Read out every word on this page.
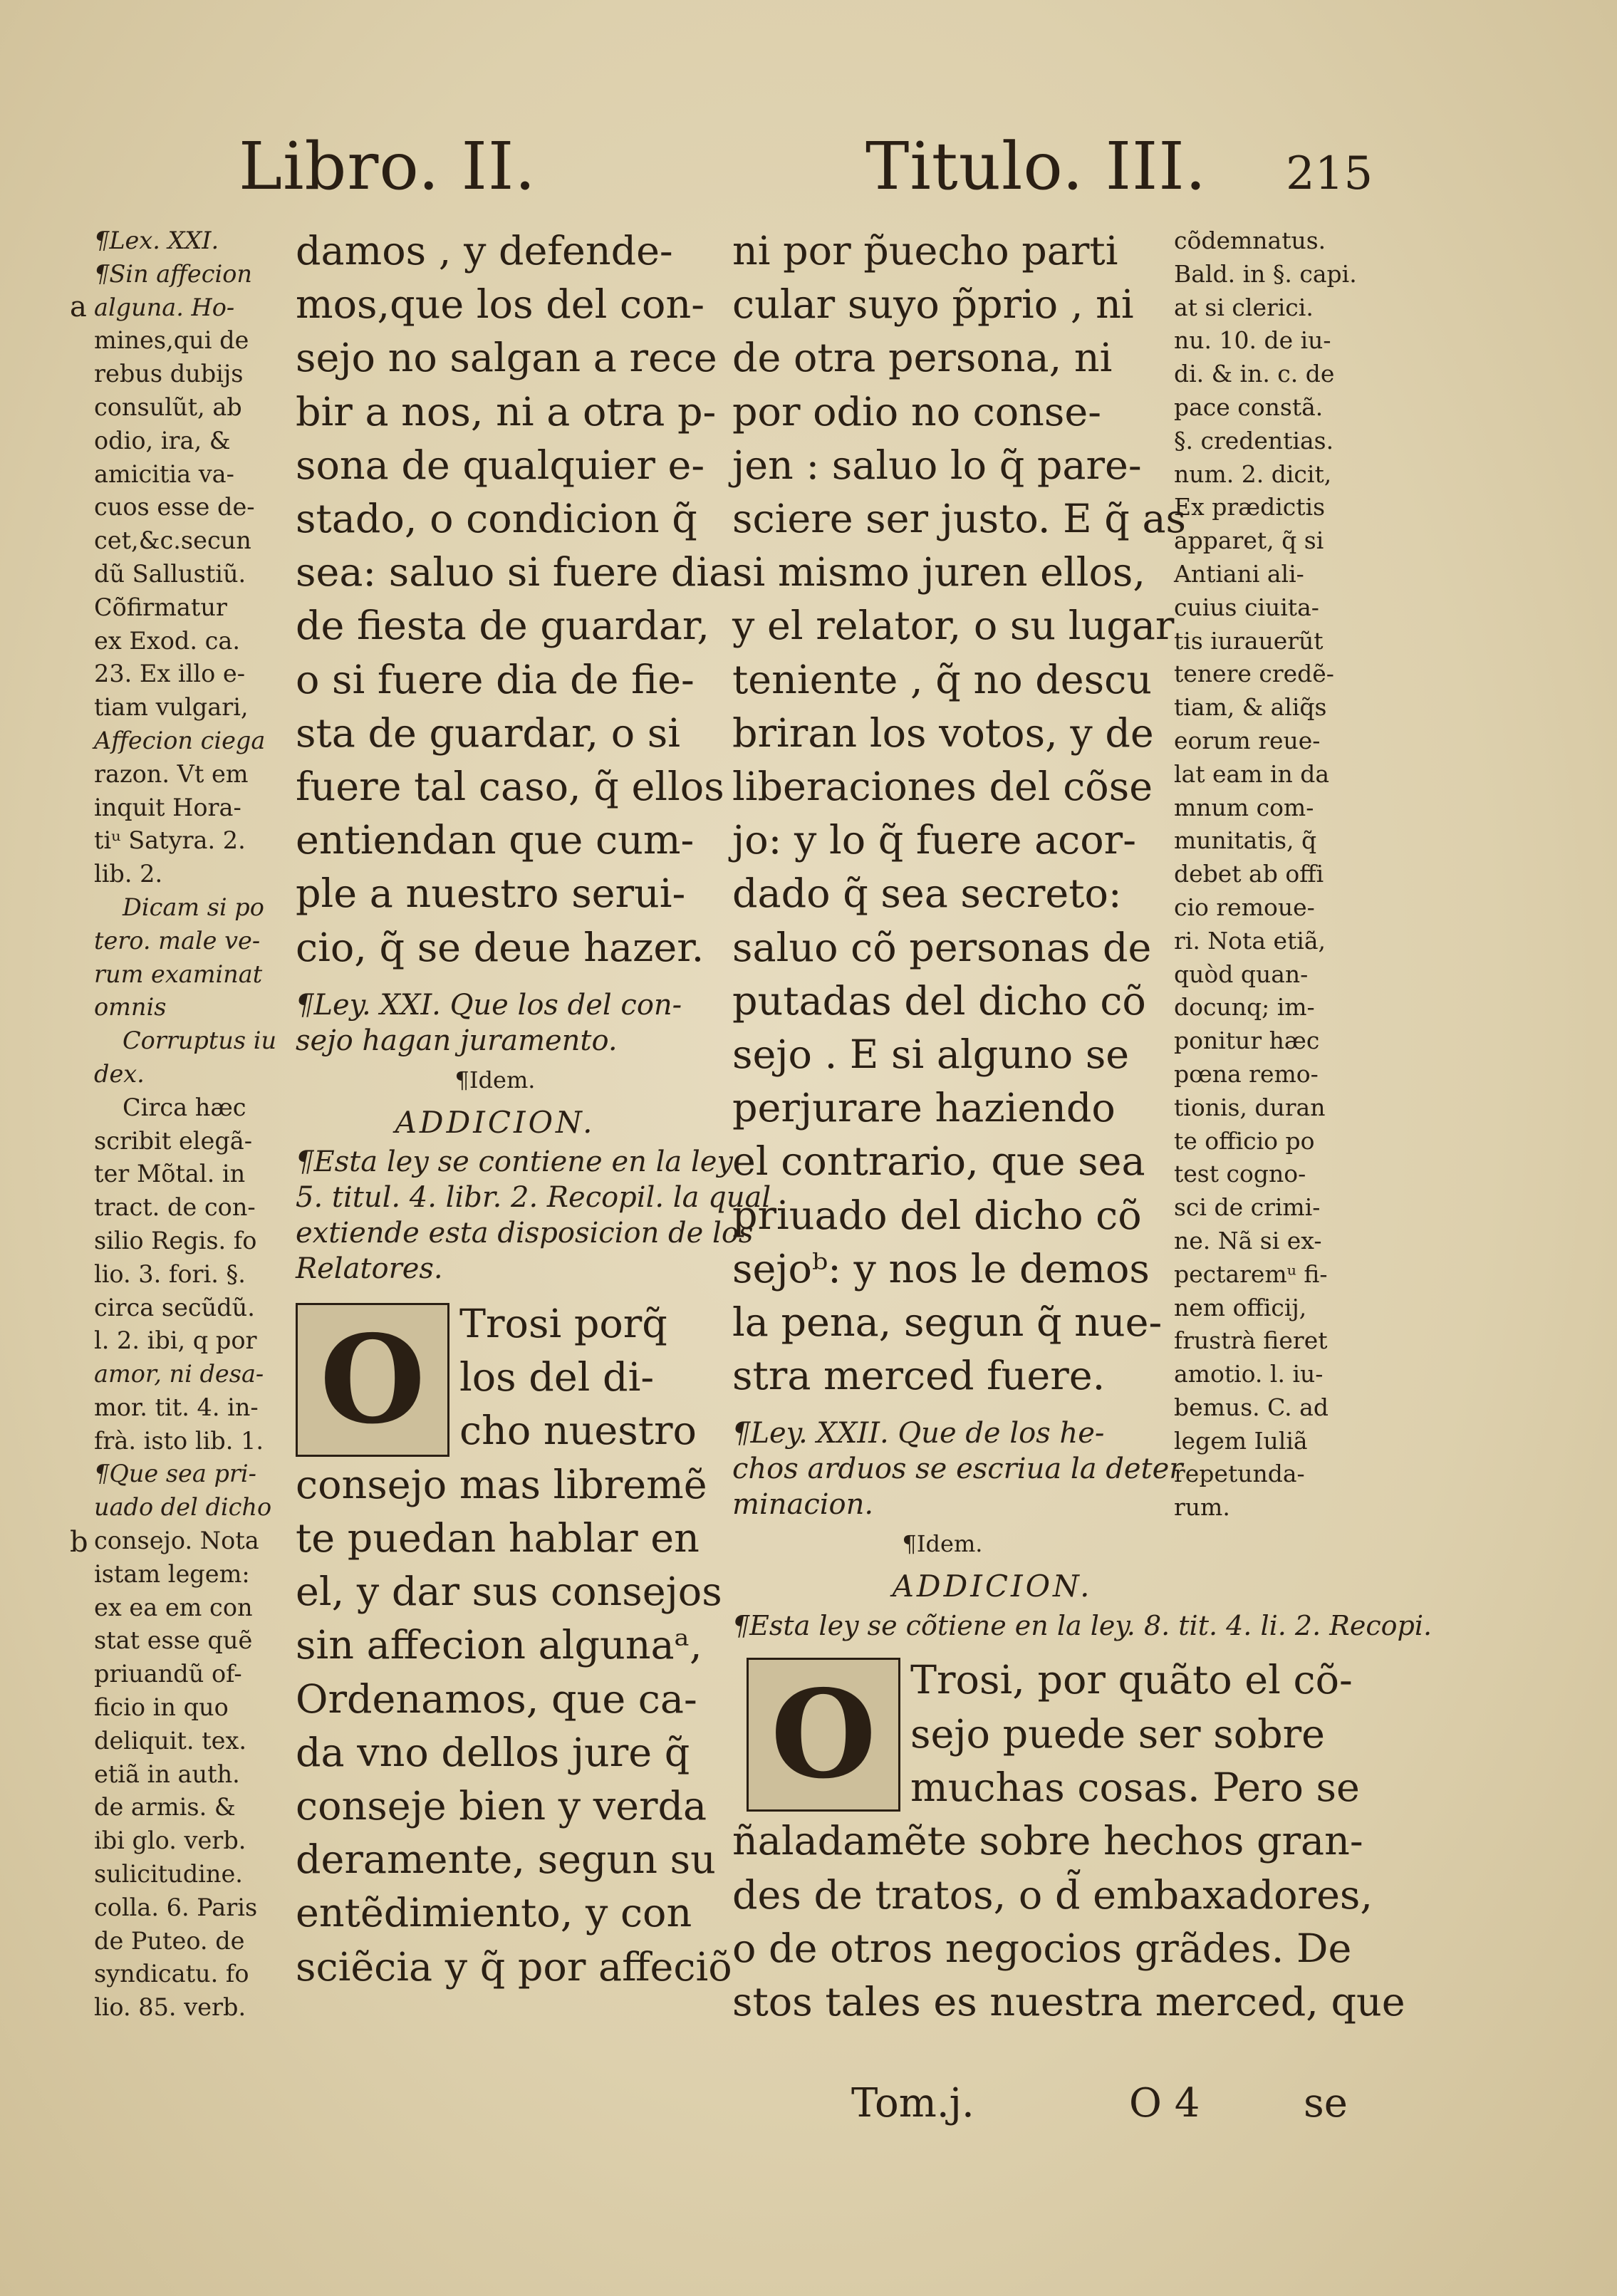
Libro. II.	Titulo. III. 215
a
b
¶Lex. XXI.
¶Sin affecion
alguna. Ho-
mines,qui de
rebus dubijs
consulũt, ab
odio, ira, &
amicitia va-
cuos esse de-
cet,&c.secun
dũ Sallustiũ.
Cõfirmatur
ex Exod. ca.
23. Ex illo e-
tiam vulgari,
Affecion ciega
razon. Vt em
inquit Hora-
tiᵘ Satyra. 2.
lib. 2.
Dicam si po
tero. male ve-
rum examinat
omnis
Corruptus iu
dex.
Circa hæc
scribit elegã-
ter Mõtal. in
tract. de con-
silio Regis. fo
lio. 3. fori. §.
circa secũdũ.
l. 2. ibi, q por
amor, ni desa-
mor. tit. 4. in-
frà. isto lib. 1.
¶Que sea pri-
uado del dicho
consejo. Nota
istam legem:
ex ea em con
stat esse quẽ
priuandũ of-
ficio in quo
deliquit. tex.
etiã in auth.
de armis. &
ibi glo. verb.
sulicitudine.
colla. 6. Paris
de Puteo. de
syndicatu. fo
lio. 85. verb.
damos , y defende-
mos,que los del con-
sejo no salgan a rece
bir a nos, ni a otra p-
sona de qualquier e-
stado, o condicion q̃
sea: saluo si fuere dia
de fiesta de guardar,
o si fuere dia de fie-
sta de guardar, o si
fuere tal caso, q̃ ellos
entiendan que cum-
ple a nuestro serui-
cio, q̃ se deue hazer.
¶Ley. XXI. Que los del con-
sejo hagan juramento.
¶Idem.
ADDICION.
¶Esta ley se contiene en la ley
5. titul. 4. libr. 2. Recopil. la qual
extiende esta disposicion de los
Relatores.
O Trosi porq̃
los del di-
cho nuestro
consejo mas libremẽ
te puedan hablar en
el, y dar sus consejos
sin affecion algunaᵃ,
Ordenamos, que ca-
da vno dellos jure q̃
conseje bien y verda
deramente, segun su
entẽdimiento, y con
sciẽcia y q̃ por affeciõ
ni por p̃uecho parti
cular suyo p̃prio , ni
de otra persona, ni
por odio no conse-
jen : saluo lo q̃ pare-
sciere ser justo. E q̃ as
si mismo juren ellos,
y el relator, o su lugar
teniente , q̃ no descu
briran los votos, y de
liberaciones del cõse
jo: y lo q̃ fuere acor-
dado q̃ sea secreto:
saluo cõ personas de
putadas del dicho cõ
sejo . E si alguno se
perjurare haziendo
el contrario, que sea
priuado del dicho cõ
sejoᵇ: y nos le demos
la pena, segun q̃ nue-
stra merced fuere.
¶Ley. XXII. Que de los he-
chos arduos se escriua la deter
minacion.
¶Idem.
ADDICION.
¶Esta ley se cõtiene en la ley. 8. tit. 4. li. 2. Recopi.
O Trosi, por quãto el cõ-
sejo puede ser sobre
muchas cosas. Pero se
ñaladamẽte sobre hechos gran-
des de tratos, o d̃ embaxadores,
o de otros negocios grãdes. De
stos tales es nuestra merced, que
cõdemnatus.
Bald. in §. capi.
at si clerici.
nu. 10. de iu-
di. & in. c. de
pace constã.
§. credentias.
num. 2. dicit,
Ex prædictis
apparet, q̃ si
Antiani ali-
cuius ciuita-
tis iurauerũt
tenere credẽ-
tiam, & aliq̃s
eorum reue-
lat eam in da
mnum com-
munitatis, q̃
debet ab offi
cio remoue-
ri. Nota etiã,
quòd quan-
docunq; im-
ponitur hæc
pœna remo-
tionis, duran
te officio po
test cogno-
sci de crimi-
ne. Nã si ex-
pectaremᵘ fi-
nem officij,
frustrà fieret
amotio. l. iu-
bemus. C. ad
legem Iuliã
repetunda-
rum.
Tom.j.	O 4	se
